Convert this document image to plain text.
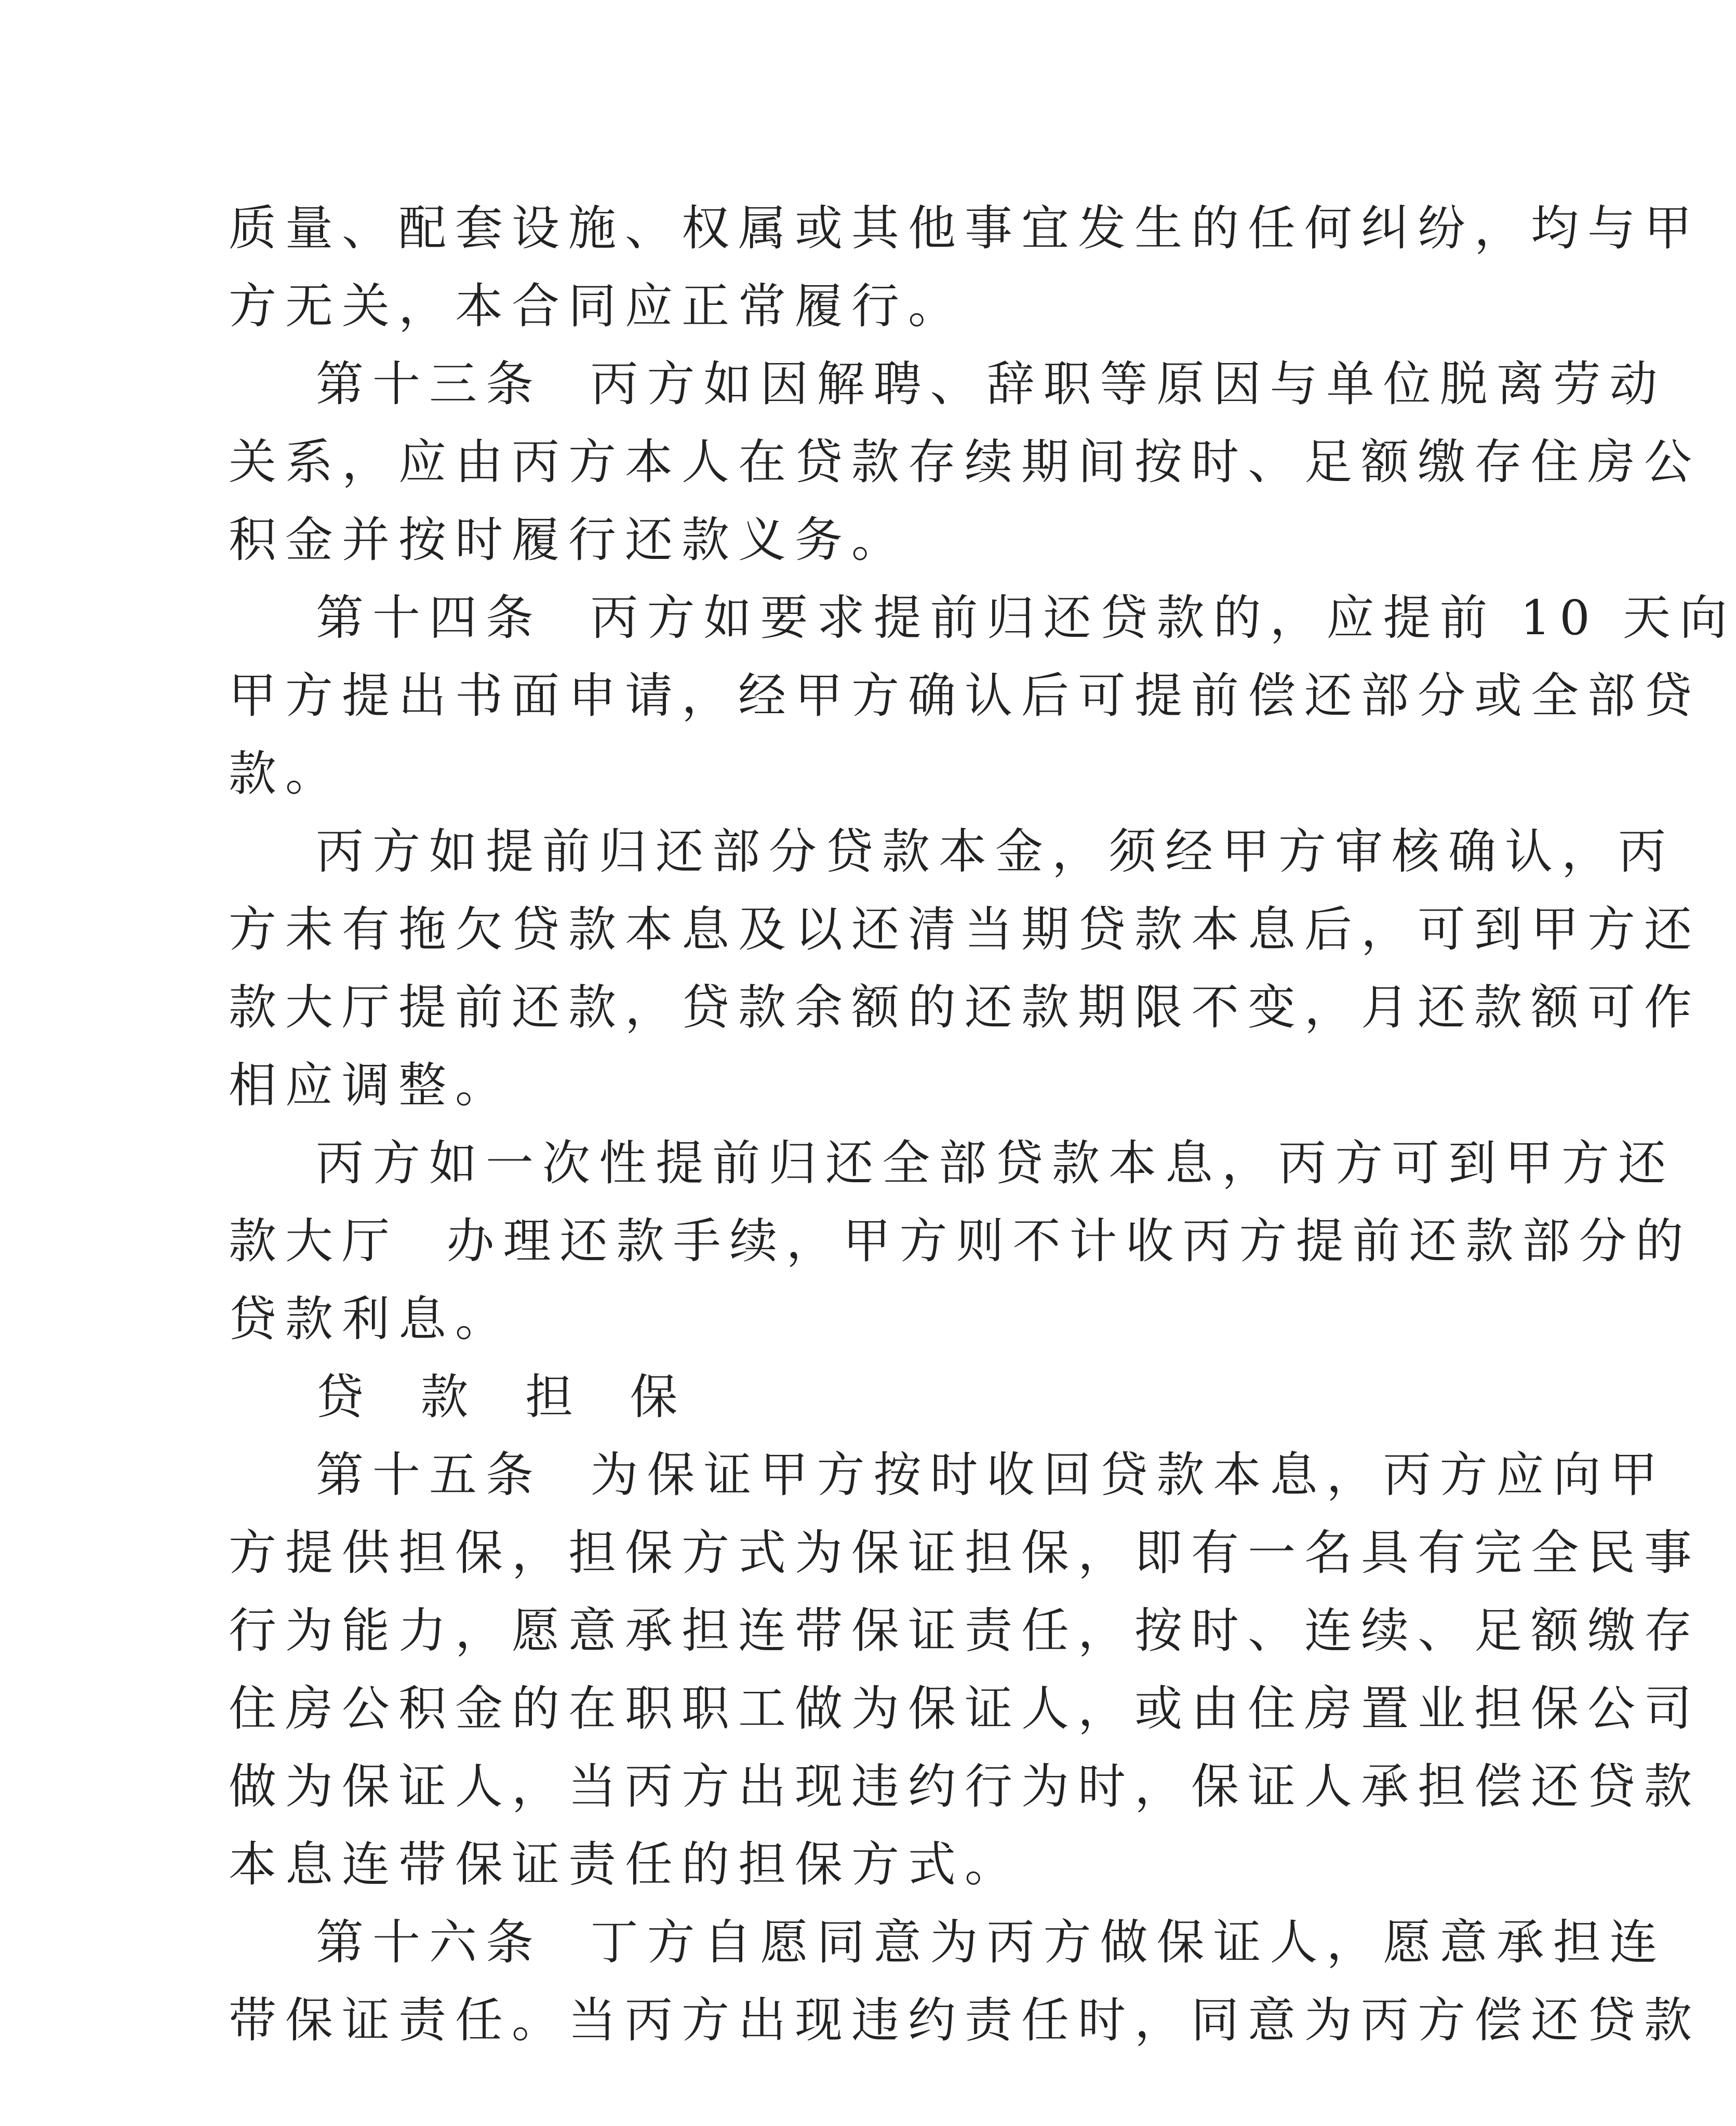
质量、配套设施、权属或其他事宜发生的任何纠纷，均与甲
方无关，本合同应正常履行。
第十三条  丙方如因解聘、辞职等原因与单位脱离劳动
关系，应由丙方本人在贷款存续期间按时、足额缴存住房公
积金并按时履行还款义务。
第十四条  丙方如要求提前归还贷款的，应提前 10 天向
甲方提出书面申请，经甲方确认后可提前偿还部分或全部贷
款。
丙方如提前归还部分贷款本金，须经甲方审核确认，丙
方未有拖欠贷款本息及以还清当期贷款本息后，可到甲方还
款大厅提前还款，贷款余额的还款期限不变，月还款额可作
相应调整。
丙方如一次性提前归还全部贷款本息，丙方可到甲方还
款大厅  办理还款手续，甲方则不计收丙方提前还款部分的
贷款利息。
贷  款  担  保
第十五条  为保证甲方按时收回贷款本息，丙方应向甲
方提供担保，担保方式为保证担保，即有一名具有完全民事
行为能力，愿意承担连带保证责任，按时、连续、足额缴存
住房公积金的在职职工做为保证人，或由住房置业担保公司
做为保证人，当丙方出现违约行为时，保证人承担偿还贷款
本息连带保证责任的担保方式。
第十六条  丁方自愿同意为丙方做保证人，愿意承担连
带保证责任。当丙方出现违约责任时，同意为丙方偿还贷款
